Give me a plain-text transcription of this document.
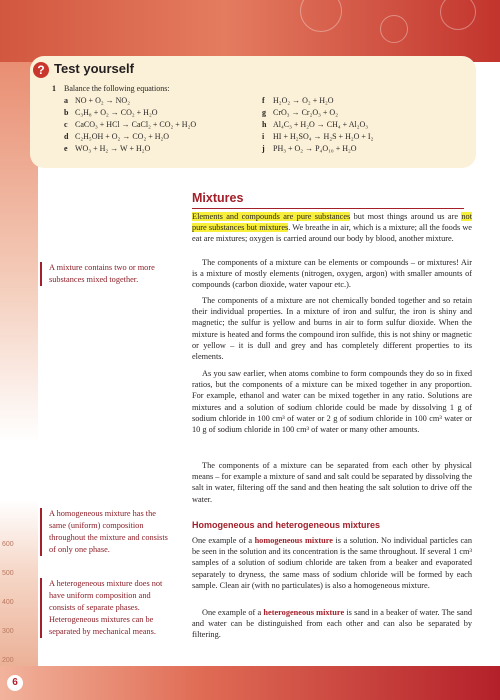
600
500
400
300
200
6
? Test yourself
1 Balance the following equations:
a NO + O₂ → NO₂
b C₃H₈ + O₂ → CO₂ + H₂O
c CaCO₃ + HCl → CaCl₂ + CO₂ + H₂O
d C₂H₅OH + O₂ → CO₂ + H₂O
e WO₃ + H₂ → W + H₂O
f H₂O₂ → O₂ + H₂O
g CrO₃ → Cr₂O₃ + O₂
h Al₄C₃ + H₂O → CH₄ + Al₂O₃
i HI + H₂SO₄ → H₂S + H₂O + I₂
j PH₃ + O₂ → P₄O₁₀ + H₂O
Mixtures
Elements and compounds are pure substances but most things around us are not pure substances but mixtures. We breathe in air, which is a mixture; all the foods we eat are mixtures; oxygen is carried around our body by blood, another mixture.
The components of a mixture can be elements or compounds – or mixtures! Air is a mixture of mostly elements (nitrogen, oxygen, argon) with smaller amounts of compounds (carbon dioxide, water vapour etc.).
The components of a mixture are not chemically bonded together and so retain their individual properties. In a mixture of iron and sulfur, the iron is shiny and magnetic; the sulfur is yellow and burns in air to form sulfur dioxide. When the mixture is heated and forms the compound iron sulfide, this is not shiny or magnetic or yellow – it is dull and grey and has completely different properties to its elements.
As you saw earlier, when atoms combine to form compounds they do so in fixed ratios, but the components of a mixture can be mixed together in any proportion. For example, ethanol and water can be mixed together in any ratio. Solutions are mixtures and a solution of sodium chloride could be made by dissolving 1 g of sodium chloride in 100 cm³ of water or 2 g of sodium chloride in 100 cm³ water or 10 g of sodium chloride in 100 cm³ of water or many other amounts.
The components of a mixture can be separated from each other by physical means – for example a mixture of sand and salt could be separated by dissolving the salt in water, filtering off the sand and then heating the salt solution to drive off the water.
Homogeneous and heterogeneous mixtures
One example of a homogeneous mixture is a solution. No individual particles can be seen in the solution and its concentration is the same throughout. If several 1 cm³ samples of a solution of sodium chloride are taken from a beaker and evaporated separately to dryness, the same mass of sodium chloride will be formed by each sample. Clean air (with no particulates) is also a homogeneous mixture.
One example of a heterogeneous mixture is sand in a beaker of water. The sand and water can be distinguished from each other and can also be separated by filtering.
A mixture contains two or more substances mixed together.
A homogeneous mixture has the same (uniform) composition throughout the mixture and consists of only one phase.
A heterogeneous mixture does not have uniform composition and consists of separate phases. Heterogeneous mixtures can be separated by mechanical means.
